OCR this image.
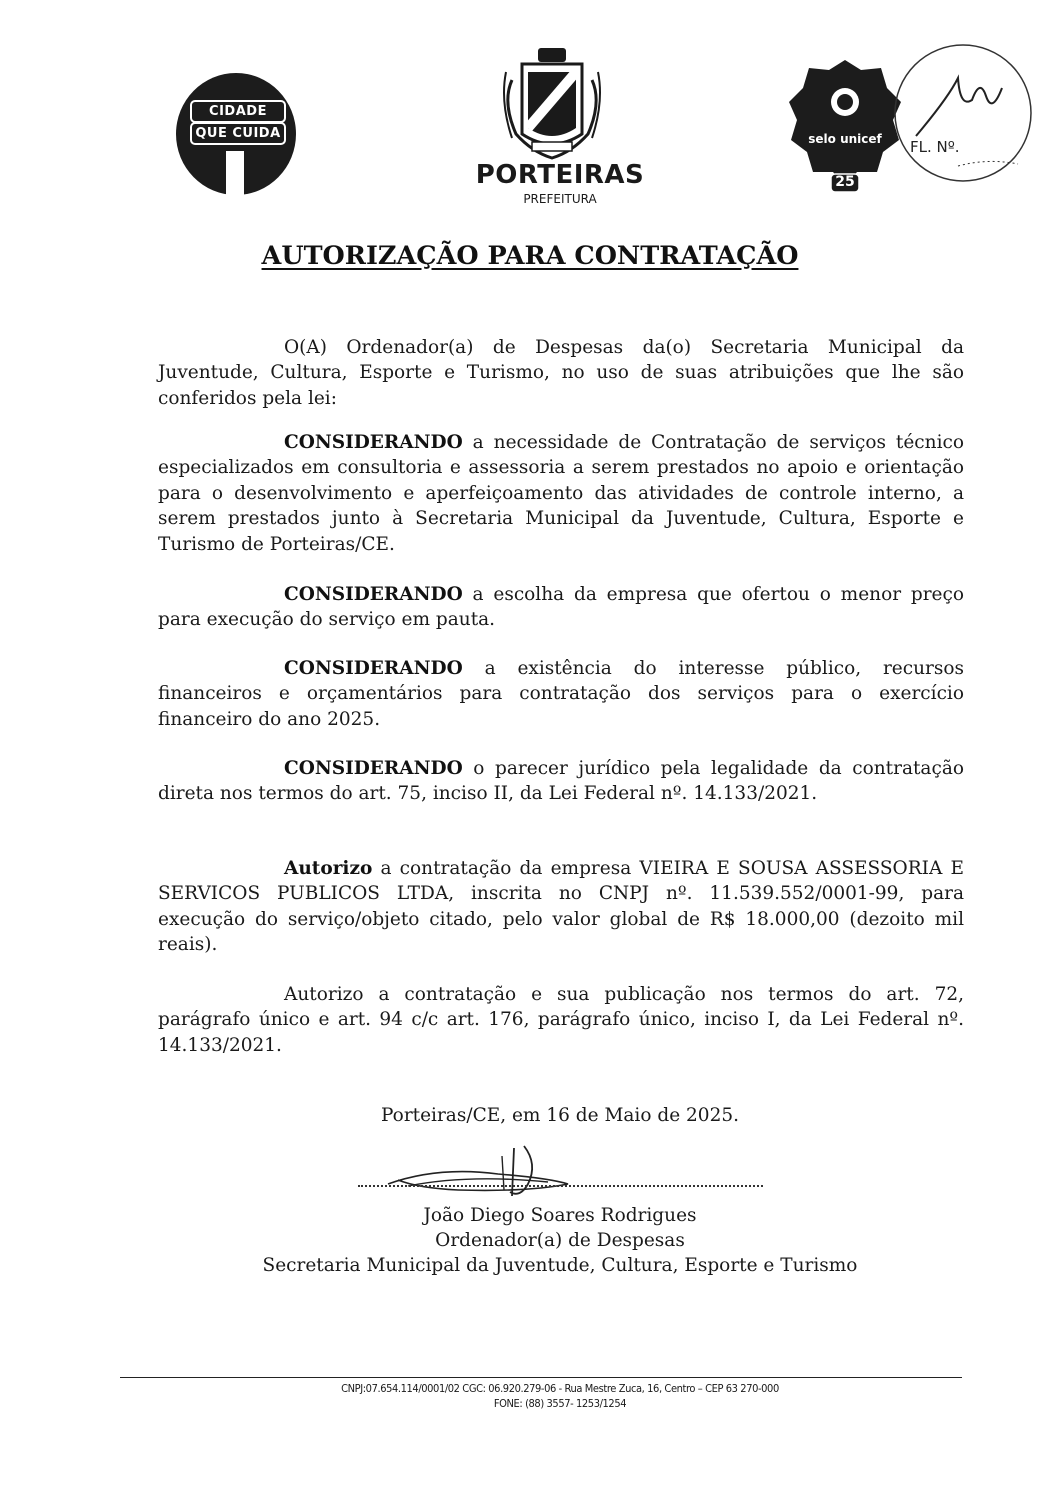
CIDADE
QUE CUIDA
PORTEIRAS
PREFEITURA
selo unicef
25
FL. Nº.
AUTORIZAÇÃO PARA CONTRATAÇÃO

O(A) Ordenador(a) de Despesas da(o) Secretaria Municipal da Juventude, Cultura, Esporte e Turismo, no uso de suas atribuições que lhe são conferidos pela lei:

CONSIDERANDO a necessidade de Contratação de serviços técnico especializados em consultoria e assessoria a serem prestados no apoio e orientação para o desenvolvimento e aperfeiçoamento das atividades de controle interno, a serem prestados junto à Secretaria Municipal da Juventude, Cultura, Esporte e Turismo de Porteiras/CE.

CONSIDERANDO a escolha da empresa que ofertou o menor preço para execução do serviço em pauta.

CONSIDERANDO a existência do interesse público, recursos financeiros e orçamentários para contratação dos serviços para o exercício financeiro do ano 2025.

CONSIDERANDO o parecer jurídico pela legalidade da contratação direta nos termos do art. 75, inciso II, da Lei Federal nº. 14.133/2021.

Autorizo a contratação da empresa VIEIRA E SOUSA ASSESSORIA E SERVICOS PUBLICOS LTDA, inscrita no CNPJ nº. 11.539.552/0001-99, para execução do serviço/objeto citado, pelo valor global de R$ 18.000,00 (dezoito mil reais).

Autorizo a contratação e sua publicação nos termos do art. 72, parágrafo único e art. 94 c/c art. 176, parágrafo único, inciso I, da Lei Federal nº. 14.133/2021.

Porteiras/CE, em 16 de Maio de 2025.
João Diego Soares Rodrigues
Ordenador(a) de Despesas
Secretaria Municipal da Juventude, Cultura, Esporte e Turismo
CNPJ:07.654.114/0001/02 CGC: 06.920.279-06 - Rua Mestre Zuca, 16, Centro – CEP 63 270-000
FONE: (88) 3557- 1253/1254
